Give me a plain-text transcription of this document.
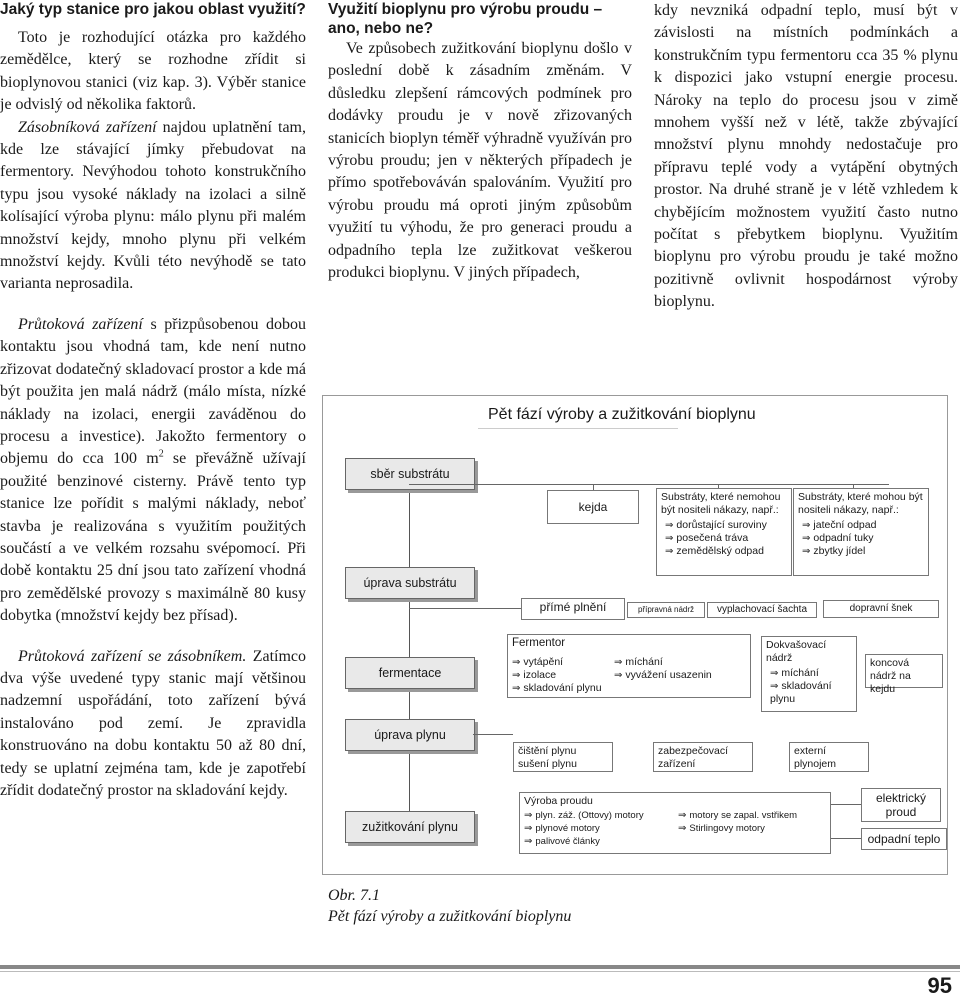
Jaký typ stanice pro jakou oblast využití?

Toto je rozhodující otázka pro každého zemědělce, který se rozhodne zřídit si bioplynovou stanici (viz kap. 3). Výběr stanice je odvislý od několika faktorů.

Zásobníková zařízení najdou uplatnění tam, kde lze stávající jímky přebudovat na fermentory. Nevýhodou tohoto konstrukčního typu jsou vysoké náklady na izolaci a silně kolísající výroba plynu: málo plynu při malém množství kejdy, mnoho plynu při velkém množství kejdy. Kvůli této nevýhodě se tato varianta neprosadila.

Průtoková zařízení s přizpůsobenou dobou kontaktu jsou vhodná tam, kde není nutno zřizovat dodatečný skladovací prostor a kde má být použita jen malá nádrž (málo místa, nízké náklady na izolaci, energii zaváděnou do procesu a investice). Jakožto fermentory o objemu do cca 100 $m^2$ se převážně užívají použité benzinové cisterny. Právě tento typ stanice lze pořídit s malými náklady, neboť stavba je realizována s využitím použitých součástí a ve velkém rozsahu svépomocí. Při době kontaktu 25 dní jsou tato zařízení vhodná pro zemědělské provozy s maximálně 80 kusy dobytka (množství kejdy bez přísad).

Průtoková zařízení se zásobníkem. Zatímco dva výše uvedené typy stanic mají většinou nadzemní uspořádání, toto zařízení bývá instalováno pod zemí. Je zpravidla konstruováno na dobu kontaktu 50 až 80 dní, tedy se uplatní zejména tam, kde je zapotřebí zřídit dodatečný prostor na skladování kejdy.

Využití bioplynu pro výrobu proudu – ano, nebo ne?

Ve způsobech zužitkování bioplynu došlo v poslední době k zásadním změnám. V důsledku zlepšení rámcových podmínek pro dodávky proudu je v nově zřizovaných stanicích bioplyn téměř výhradně využíván pro výrobu proudu; jen v některých případech je přímo spotřebováván spalováním. Využití pro výrobu proudu má oproti jiným způsobům využití tu výhodu, že pro generaci proudu a odpadního tepla lze zužitkovat veškerou produkci bioplynu. V jiných případech,

kdy nevzniká odpadní teplo, musí být v závislosti na místních podmínkách a konstrukčním typu fermentoru cca 35 % plynu k dispozici jako vstupní energie procesu. Nároky na teplo do procesu jsou v zimě mnohem vyšší než v létě, takže zbývající množství plynu mnohdy nedostačuje pro přípravu teplé vody a vytápění obytných prostor. Na druhé straně je v létě vzhledem k chybějícím možnostem využití často nutno počítat s přebytkem bioplynu. Využitím bioplynu pro výrobu proudu je také možno pozitivně ovlivnit hospodárnost výroby bioplynu.

Pět fází výroby a zužitkování bioplynu
sběr substrátu
úprava substrátu
fermentace
úprava plynu
zužitkování plynu
kejda
Substráty, které nemohou být nositeli nákazy, např.:
⇒ dorůstající suroviny
⇒ posečená tráva
⇒ zemědělský odpad
Substráty, které mohou být nositeli nákazy, např.:
⇒ jateční odpad
⇒ odpadní tuky
⇒ zbytky jídel
přímé plnění	přípravná nádrž	vyplachovací šachta	dopravní šnek
Fermentor
⇒ vytápění
⇒ izolace
⇒ skladování plynu
⇒ míchání
⇒ vyvážení usazenin
Dokvašovací nádrž
⇒ míchání
⇒ skladování plynu
koncová nádrž na kejdu
čištění plynu sušení plynu
zabezpečovací zařízení
externí plynojem
Výroba proudu
⇒ plyn. záž. (Ottovy) motory
⇒ plynové motory
⇒ palivové články
⇒ motory se zapal. vstřikem
⇒ Stirlingovy motory
elektrický proud
odpadní teplo
Obr. 7.1
Pět fází výroby a zužitkování bioplynu
95
